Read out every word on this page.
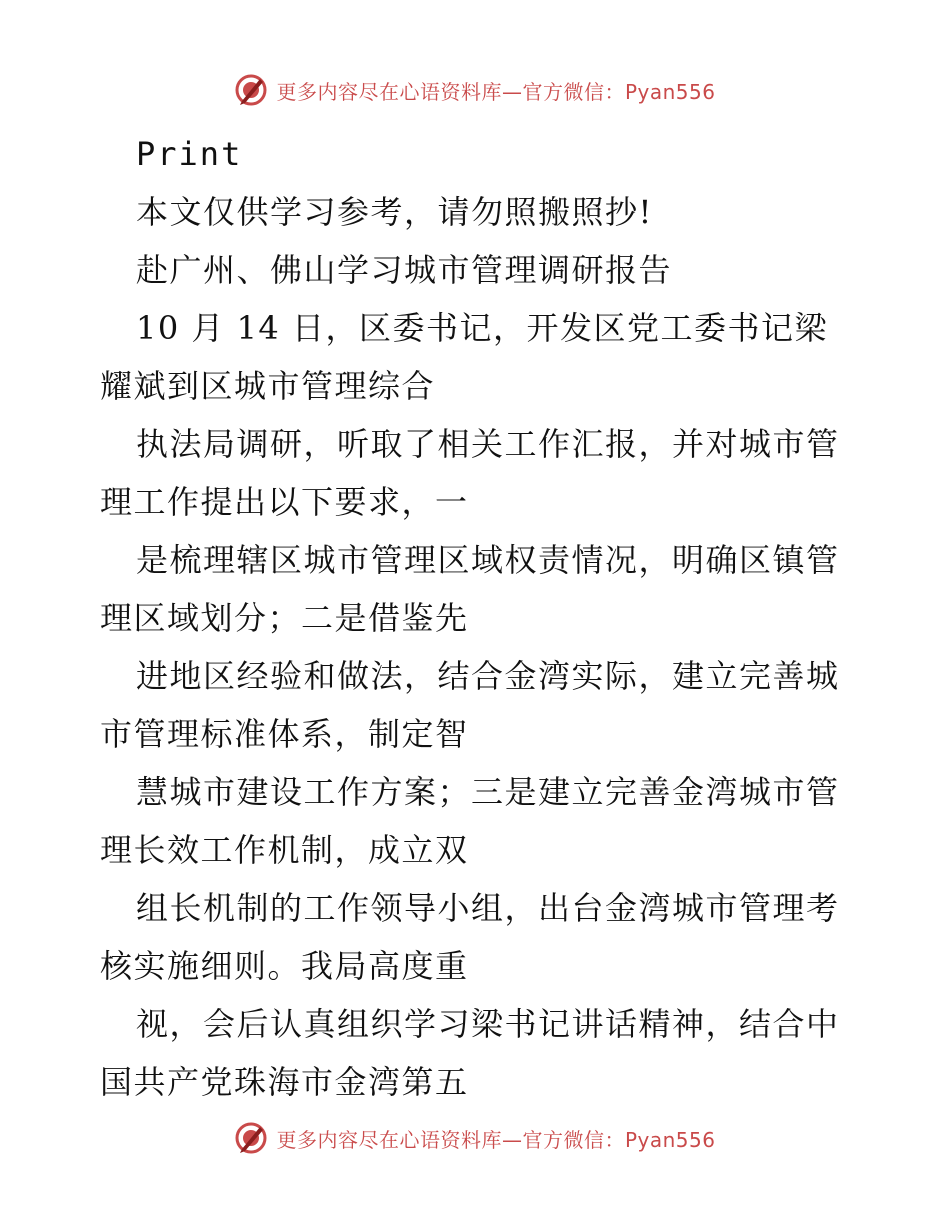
更多内容尽在心语资料库—官方微信：Pyan556
Print
本文仅供学习参考，请勿照搬照抄!
赴广州、佛山学习城市管理调研报告
10 月 14 日，区委书记，开发区党工委书记梁
耀斌到区城市管理综合
执法局调研，听取了相关工作汇报，并对城市管
理工作提出以下要求，一
是梳理辖区城市管理区域权责情况，明确区镇管
理区域划分；二是借鉴先
进地区经验和做法，结合金湾实际，建立完善城
市管理标准体系，制定智
慧城市建设工作方案；三是建立完善金湾城市管
理长效工作机制，成立双
组长机制的工作领导小组，出台金湾城市管理考
核实施细则。我局高度重
视，会后认真组织学习梁书记讲话精神，结合中
国共产党珠海市金湾第五
更多内容尽在心语资料库—官方微信：Pyan556
